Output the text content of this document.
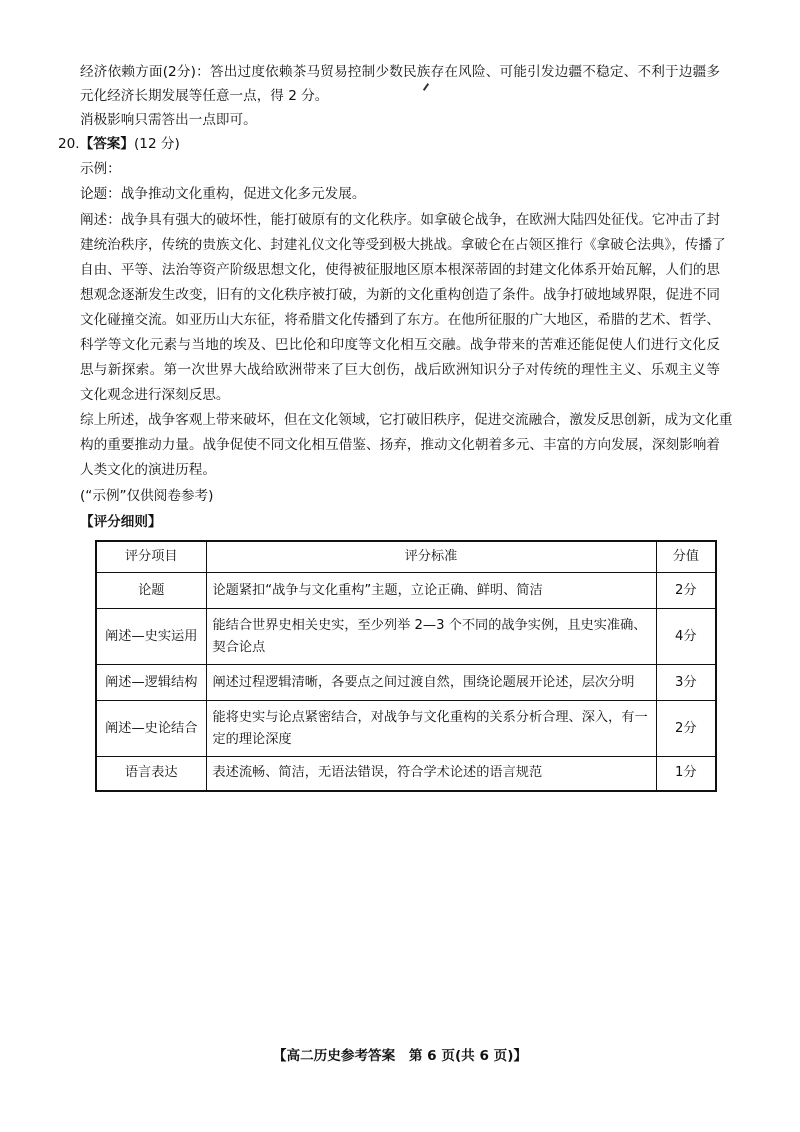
经济依赖方面(2分)：答出过度依赖茶马贸易控制少数民族存在风险、可能引发边疆不稳定、不利于边疆多
元化经济长期发展等任意一点，得 2 分。
消极影响只需答出一点即可。
20.【答案】(12 分)
示例：
论题：战争推动文化重构，促进文化多元发展。
阐述：战争具有强大的破坏性，能打破原有的文化秩序。如拿破仑战争，在欧洲大陆四处征伐。它冲击了封
建统治秩序，传统的贵族文化、封建礼仪文化等受到极大挑战。拿破仑在占领区推行《拿破仑法典》，传播了
自由、平等、法治等资产阶级思想文化，使得被征服地区原本根深蒂固的封建文化体系开始瓦解，人们的思
想观念逐渐发生改变，旧有的文化秩序被打破，为新的文化重构创造了条件。战争打破地域界限，促进不同
文化碰撞交流。如亚历山大东征，将希腊文化传播到了东方。在他所征服的广大地区，希腊的艺术、哲学、
科学等文化元素与当地的埃及、巴比伦和印度等文化相互交融。战争带来的苦难还能促使人们进行文化反
思与新探索。第一次世界大战给欧洲带来了巨大创伤，战后欧洲知识分子对传统的理性主义、乐观主义等
文化观念进行深刻反思。
综上所述，战争客观上带来破坏，但在文化领域，它打破旧秩序，促进交流融合，激发反思创新，成为文化重
构的重要推动力量。战争促使不同文化相互借鉴、扬弃，推动文化朝着多元、丰富的方向发展，深刻影响着
人类文化的演进历程。
(“示例”仅供阅卷参考)
【评分细则】
评分项目	评分标准	分值
论题	论题紧扣“战争与文化重构”主题，立论正确、鲜明、简洁	2分
阐述—史实运用	能结合世界史相关史实，至少列举 2—3 个不同的战争实例，且史实准确、契合论点	4分
阐述—逻辑结构	阐述过程逻辑清晰，各要点之间过渡自然，围绕论题展开论述，层次分明	3分
阐述—史论结合	能将史实与论点紧密结合，对战争与文化重构的关系分析合理、深入，有一定的理论深度	2分
语言表达	表述流畅、简洁，无语法错误，符合学术论述的语言规范	1分
【高二历史参考答案　第 6 页(共 6 页)】
